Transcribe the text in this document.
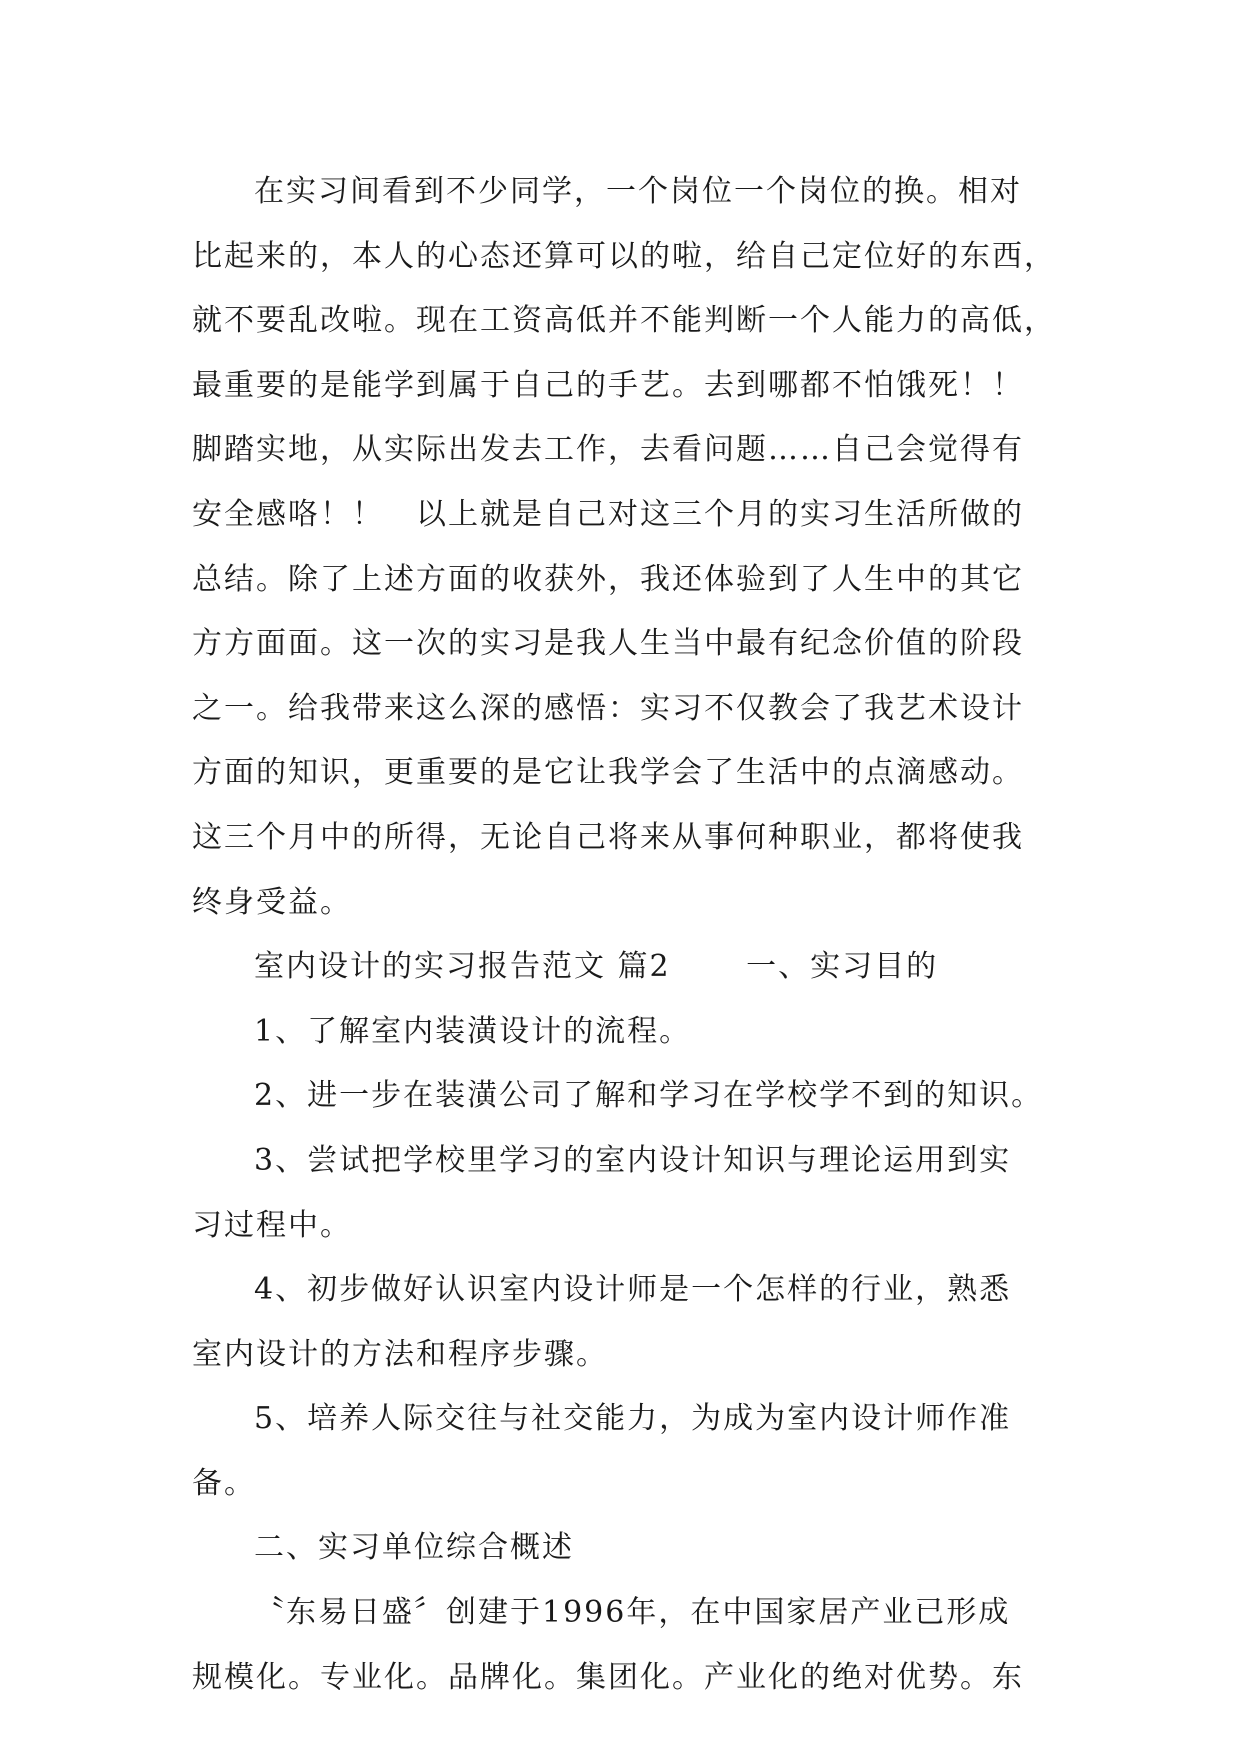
在实习间看到不少同学，一个岗位一个岗位的换。相对
比起来的，本人的心态还算可以的啦，给自己定位好的东西，
就不要乱改啦。现在工资高低并不能判断一个人能力的高低，
最重要的是能学到属于自己的手艺。去到哪都不怕饿死！！
脚踏实地，从实际出发去工作，去看问题……自己会觉得有
安全感咯！！　以上就是自己对这三个月的实习生活所做的
总结。除了上述方面的收获外，我还体验到了人生中的其它
方方面面。这一次的实习是我人生当中最有纪念价值的阶段
之一。给我带来这么深的感悟：实习不仅教会了我艺术设计
方面的知识，更重要的是它让我学会了生活中的点滴感动。
这三个月中的所得，无论自己将来从事何种职业，都将使我
终身受益。
室内设计的实习报告范文 篇2　　 一、实习目的
1、了解室内装潢设计的流程。
2、进一步在装潢公司了解和学习在学校学不到的知识。
3、尝试把学校里学习的室内设计知识与理论运用到实
习过程中。
4、初步做好认识室内设计师是一个怎样的行业，熟悉
室内设计的方法和程序步骤。
5、培养人际交往与社交能力，为成为室内设计师作准
备。
二、实习单位综合概述
〝东易日盛〞创建于1996年，在中国家居产业已形成
规模化。专业化。品牌化。集团化。产业化的绝对优势。东
